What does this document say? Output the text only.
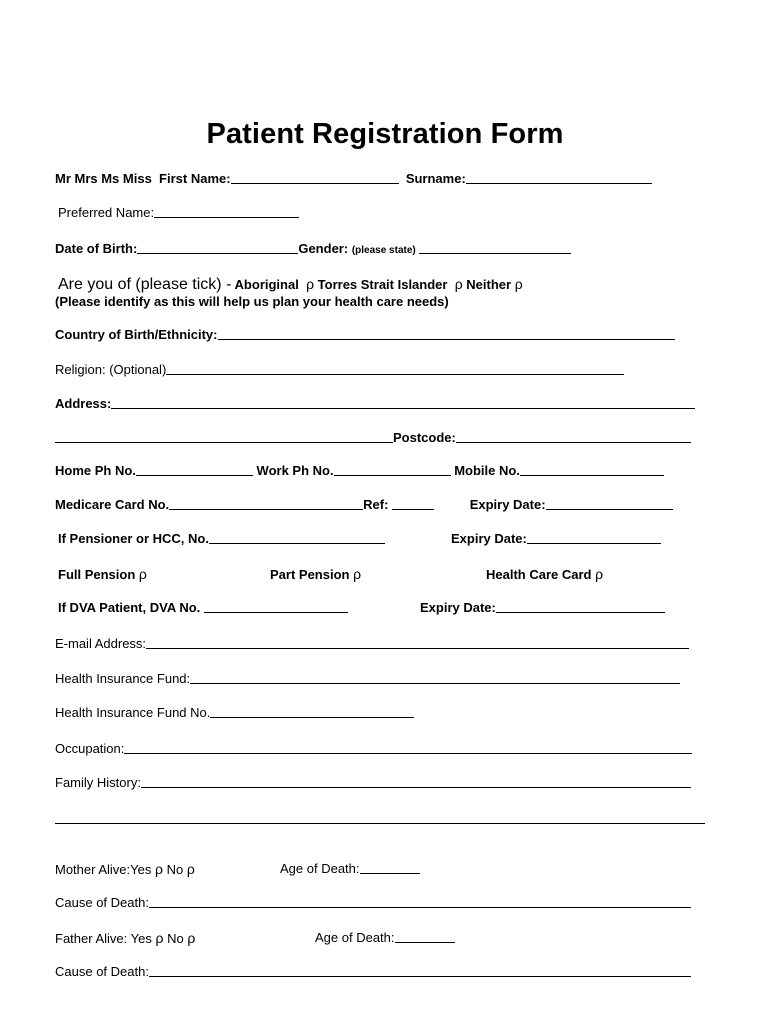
Patient Registration Form
Mr Mrs Ms Miss First Name:	Surname:
Preferred Name:
Date of Birth:	Gender: (please state)
Are you of (please tick) - Aboriginal ρ Torres Strait Islander ρ Neither ρ
(Please identify as this will help us plan your health care needs)
Country of Birth/Ethnicity:
Religion: (Optional)
Address:
Postcode:
Home Ph No.	Work Ph No.	Mobile No.
Medicare Card No.	Ref:	Expiry Date:
If Pensioner or HCC, No.	Expiry Date:
Full Pension ρ	Part Pension ρ	Health Care Card ρ
If DVA Patient, DVA No.	Expiry Date:
E-mail Address:
Health Insurance Fund:
Health Insurance Fund No.
Occupation:
Family History:
Mother Alive:Yes ρ No ρ	Age of Death:
Cause of Death:
Father Alive: Yes ρ No ρ	Age of Death:
Cause of Death:
